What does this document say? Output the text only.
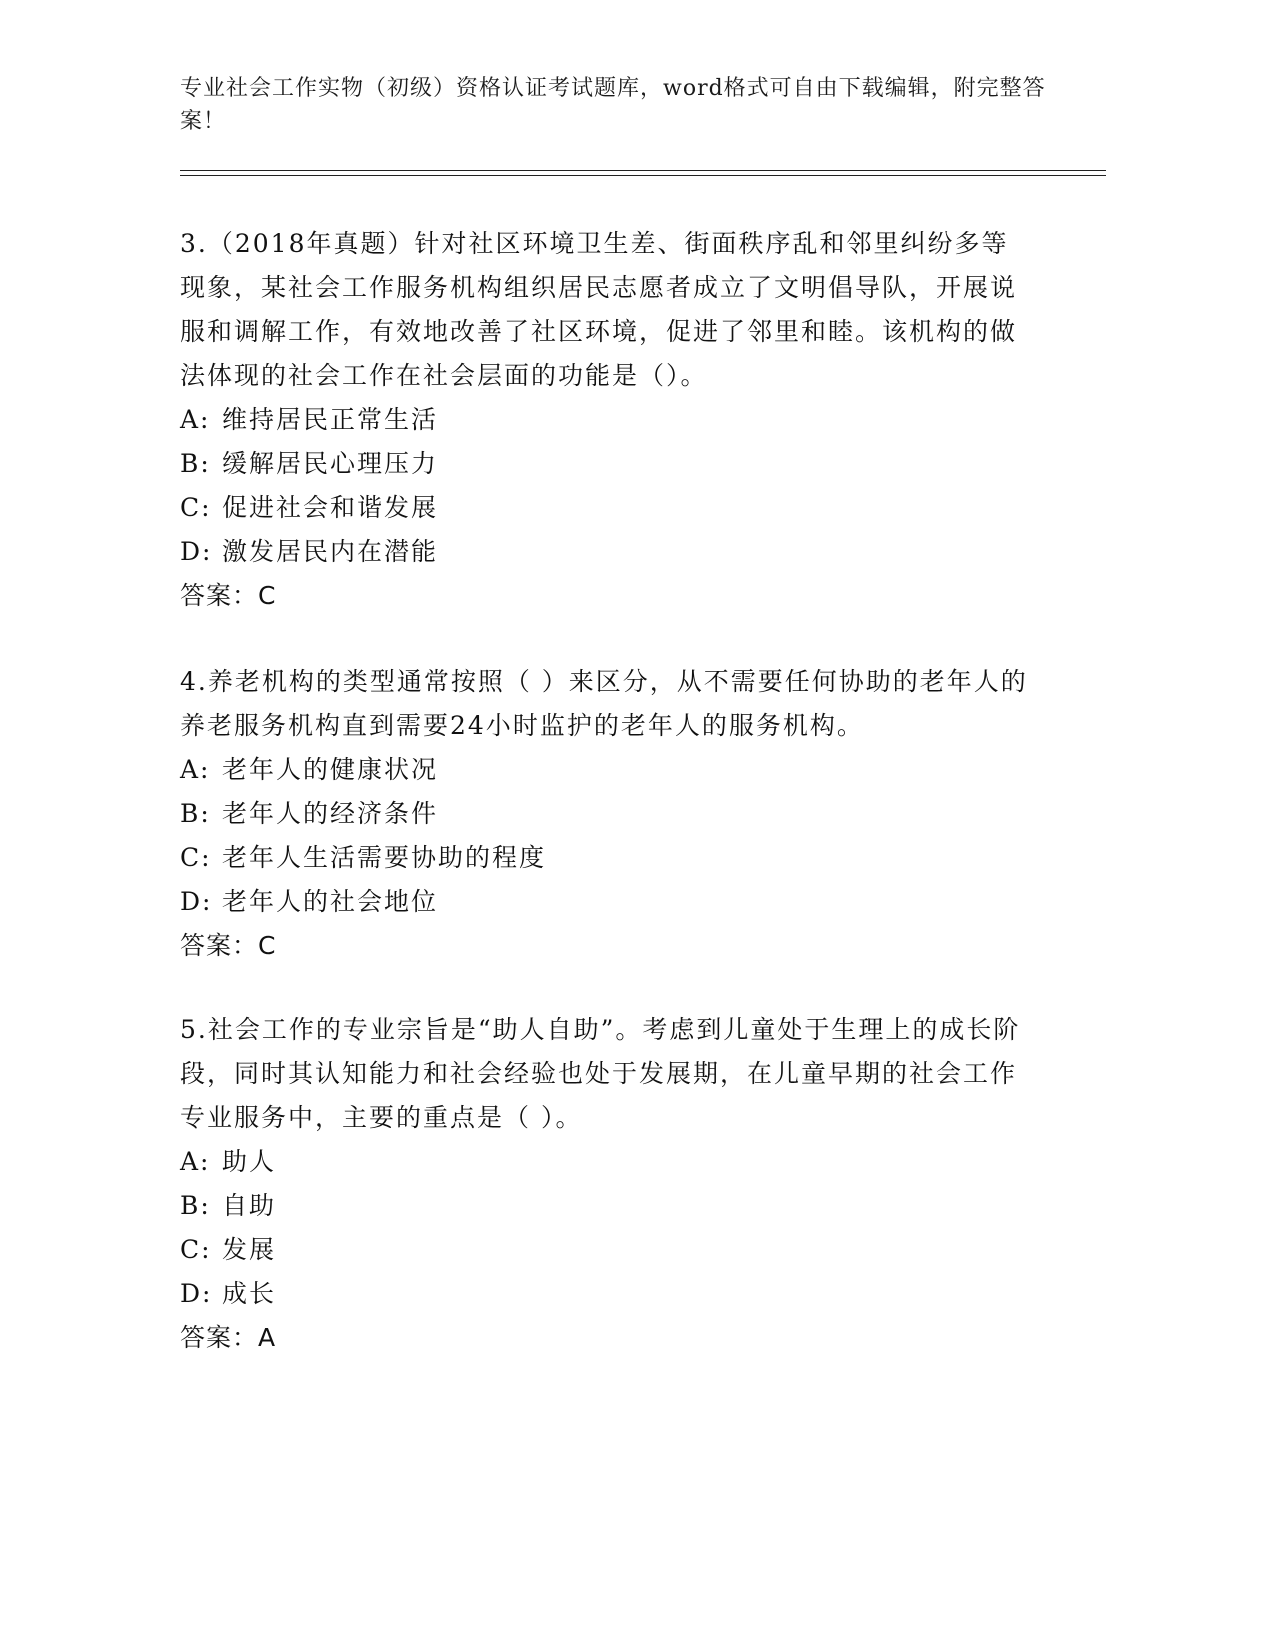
专业社会工作实物（初级）资格认证考试题库，word格式可自由下载编辑，附完整答案！

3.（2018年真题）针对社区环境卫生差、街面秩序乱和邻里纠纷多等现象，某社会工作服务机构组织居民志愿者成立了文明倡导队，开展说服和调解工作，有效地改善了社区环境，促进了邻里和睦。该机构的做法体现的社会工作在社会层面的功能是（）。

A: 维持居民正常生活

B: 缓解居民心理压力

C: 促进社会和谐发展

D: 激发居民内在潜能

答案：C

4.养老机构的类型通常按照（ ）来区分，从不需要任何协助的老年人的养老服务机构直到需要24小时监护的老年人的服务机构。

A: 老年人的健康状况

B: 老年人的经济条件

C: 老年人生活需要协助的程度

D: 老年人的社会地位

答案：C

5.社会工作的专业宗旨是“助人自助”。考虑到儿童处于生理上的成长阶段，同时其认知能力和社会经验也处于发展期，在儿童早期的社会工作专业服务中，主要的重点是（ ）。

A: 助人

B: 自助

C: 发展

D: 成长

答案：A
